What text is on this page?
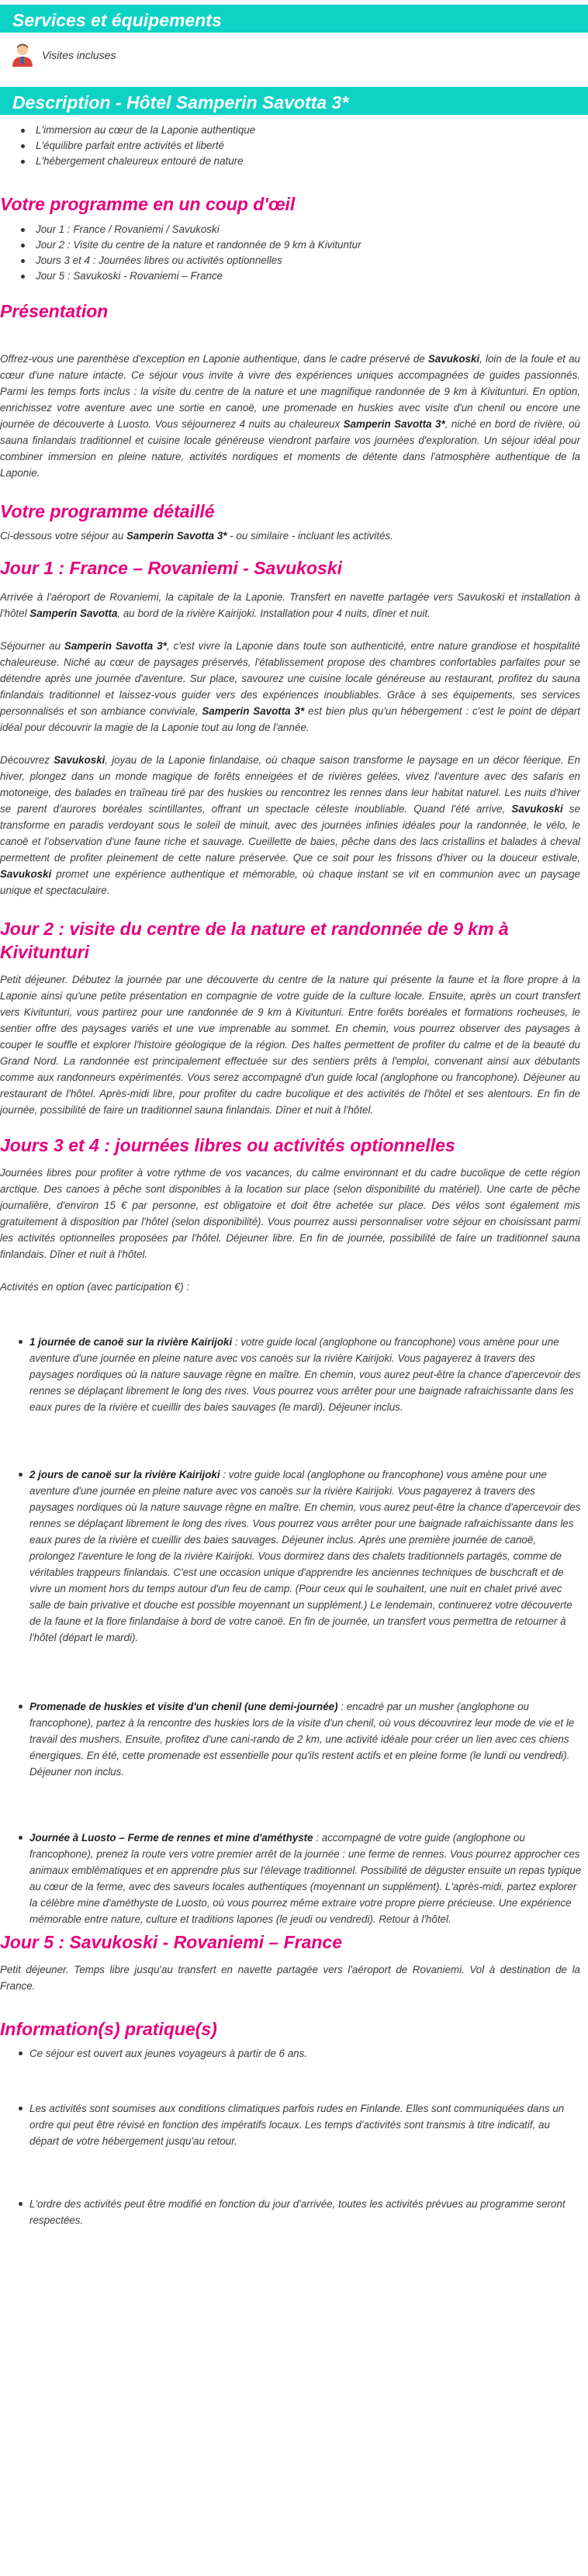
Services et équipements
Visites incluses
Description - Hôtel Samperin Savotta 3*
L'immersion au cœur de la Laponie authentique
L'équilibre parfait entre activités et liberté
L'hébergement chaleureux entouré de nature
Votre programme en un coup d'œil
Jour 1 : France / Rovaniemi / Savukoski
Jour 2 : Visite du centre de la nature et randonnée de 9 km à Kivituntur
Jours 3 et 4 : Journées libres ou activités optionnelles
Jour 5 : Savukoski - Rovaniemi – France
Présentation

Offrez-vous une parenthèse d'exception en Laponie authentique, dans le cadre préservé de Savukoski, loin de la foule et au cœur d'une nature intacte. Ce séjour vous invite à vivre des expériences uniques accompagnées de guides passionnés. Parmi les temps forts inclus : la visite du centre de la nature et une magnifique randonnée de 9 km à Kivitunturi. En option, enrichissez votre aventure avec une sortie en canoë, une promenade en huskies avec visite d'un chenil ou encore une journée de découverte à Luosto. Vous séjournerez 4 nuits au chaleureux Samperin Savotta 3*, niché en bord de rivière, où sauna finlandais traditionnel et cuisine locale généreuse viendront parfaire vos journées d'exploration. Un séjour idéal pour combiner immersion en pleine nature, activités nordiques et moments de détente dans l'atmosphère authentique de la Laponie.

Votre programme détaillé

Ci-dessous votre séjour au Samperin Savotta 3* - ou similaire - incluant les activités.

Jour 1 : France – Rovaniemi - Savukoski

Arrivée à l'aéroport de Rovaniemi, la capitale de la Laponie. Transfert en navette partagée vers Savukoski et installation à l'hôtel Samperin Savotta, au bord de la rivière Kairijoki. Installation pour 4 nuits, dîner et nuit.

Séjourner au Samperin Savotta 3*, c'est vivre la Laponie dans toute son authenticité, entre nature grandiose et hospitalité chaleureuse. Niché au cœur de paysages préservés, l'établissement propose des chambres confortables parfaites pour se détendre après une journée d'aventure. Sur place, savourez une cuisine locale généreuse au restaurant, profitez du sauna finlandais traditionnel et laissez-vous guider vers des expériences inoubliables. Grâce à ses équipements, ses services personnalisés et son ambiance conviviale, Samperin Savotta 3* est bien plus qu'un hébergement : c'est le point de départ idéal pour découvrir la magie de la Laponie tout au long de l'année.

Découvrez Savukoski, joyau de la Laponie finlandaise, où chaque saison transforme le paysage en un décor féerique. En hiver, plongez dans un monde magique de forêts enneigées et de rivières gelées, vivez l'aventure avec des safaris en motoneige, des balades en traîneau tiré par des huskies ou rencontrez les rennes dans leur habitat naturel. Les nuits d'hiver se parent d'aurores boréales scintillantes, offrant un spectacle céleste inoubliable. Quand l'été arrive, Savukoski se transforme en paradis verdoyant sous le soleil de minuit, avec des journées infinies idéales pour la randonnée, le vélo, le canoë et l'observation d'une faune riche et sauvage. Cueillette de baies, pêche dans des lacs cristallins et balades à cheval permettent de profiter pleinement de cette nature préservée. Que ce soit pour les frissons d'hiver ou la douceur estivale, Savukoski promet une expérience authentique et mémorable, où chaque instant se vit en communion avec un paysage unique et spectaculaire.

Jour 2 : visite du centre de la nature et randonnée de 9 km à Kivitunturi

Petit déjeuner. Débutez la journée par une découverte du centre de la nature qui présente la faune et la flore propre à la Laponie ainsi qu'une petite présentation en compagnie de votre guide de la culture locale. Ensuite, après un court transfert vers Kivitunturi, vous partirez pour une randonnée de 9 km à Kivitunturi. Entre forêts boréales et formations rocheuses, le sentier offre des paysages variés et une vue imprenable au sommet. En chemin, vous pourrez observer des paysages à couper le souffle et explorer l'histoire géologique de la région. Des haltes permettent de profiter du calme et de la beauté du Grand Nord. La randonnée est principalement effectuée sur des sentiers prêts à l'emploi, convenant ainsi aux débutants comme aux randonneurs expérimentés. Vous serez accompagné d'un guide local (anglophone ou francophone). Déjeuner au restaurant de l'hôtel. Après-midi libre, pour profiter du cadre bucolique et des activités de l'hôtel et ses alentours. En fin de journée, possibilité de faire un traditionnel sauna finlandais. Dîner et nuit à l'hôtel.

Jours 3 et 4 : journées libres ou activités optionnelles

Journées libres pour profiter à votre rythme de vos vacances, du calme environnant et du cadre bucolique de cette région arctique. Des canoes à pêche sont disponibles à la location sur place (selon disponibilité du matériel). Une carte de pêche journalière, d'environ 15 € par personne, est obligatoire et doit être achetée sur place. Des vélos sont également mis gratuitement à disposition par l'hôtel (selon disponibilité). Vous pourrez aussi personnaliser votre séjour en choisissant parmi les activités optionnelles proposées par l'hôtel. Déjeuner libre. En fin de journée, possibilité de faire un traditionnel sauna finlandais. Dîner et nuit à l'hôtel.

Activités en option (avec participation €) :

1 journée de canoë sur la rivière Kairijoki : votre guide local (anglophone ou francophone) vous amène pour une aventure d'une journée en pleine nature avec vos canoës sur la rivière Kairijoki. Vous pagayerez à travers des paysages nordiques où la nature sauvage règne en maître. En chemin, vous aurez peut-être la chance d'apercevoir des rennes se déplaçant librement le long des rives. Vous pourrez vous arrêter pour une baignade rafraichissante dans les eaux pures de la rivière et cueillir des baies sauvages (le mardi). Déjeuner inclus.
2 jours de canoë sur la rivière Kairijoki : votre guide local (anglophone ou francophone) vous amène pour une aventure d'une journée en pleine nature avec vos canoës sur la rivière Kairijoki. Vous pagayerez à travers des paysages nordiques où la nature sauvage règne en maître. En chemin, vous aurez peut-être la chance d'apercevoir des rennes se déplaçant librement le long des rives. Vous pourrez vous arrêter pour une baignade rafraichissante dans les eaux pures de la rivière et cueillir des baies sauvages. Déjeuner inclus. Après une première journée de canoë, prolongez l'aventure le long de la rivière Kairijoki. Vous dormirez dans des chalets traditionnels partagés, comme de véritables trappeurs finlandais. C'est une occasion unique d'apprendre les anciennes techniques de buschcraft et de vivre un moment hors du temps autour d'un feu de camp. (Pour ceux qui le souhaitent, une nuit en chalet privé avec salle de bain privative et douche est possible moyennant un supplément.) Le lendemain, continuerez votre découverte de la faune et la flore finlandaise à bord de votre canoë. En fin de journée, un transfert vous permettra de retourner à l'hôtel (départ le mardi).
Promenade de huskies et visite d'un chenil (une demi-journée) : encadré par un musher (anglophone ou francophone), partez à la rencontre des huskies lors de la visite d'un chenil, où vous découvrirez leur mode de vie et le travail des mushers. Ensuite, profitez d'une cani-rando de 2 km, une activité idéale pour créer un lien avec ces chiens énergiques. En été, cette promenade est essentielle pour qu'ils restent actifs et en pleine forme (le lundi ou vendredi). Déjeuner non inclus.
Journée à Luosto – Ferme de rennes et mine d'améthyste : accompagné de votre guide (anglophone ou francophone), prenez la route vers votre premier arrêt de la journée : une ferme de rennes. Vous pourrez approcher ces animaux emblématiques et en apprendre plus sur l'élevage traditionnel. Possibilité de déguster ensuite un repas typique au cœur de la ferme, avec des saveurs locales authentiques (moyennant un supplément). L'après-midi, partez explorer la célèbre mine d'améthyste de Luosto, où vous pourrez même extraire votre propre pierre précieuse. Une expérience mémorable entre nature, culture et traditions lapones (le jeudi ou vendredi). Retour à l'hôtel.
Jour 5 : Savukoski - Rovaniemi – France

Petit déjeuner. Temps libre jusqu'au transfert en navette partagée vers l'aéroport de Rovaniemi. Vol à destination de la France.

Information(s) pratique(s)
Ce séjour est ouvert aux jeunes voyageurs à partir de 6 ans.
Les activités sont soumises aux conditions climatiques parfois rudes en Finlande. Elles sont communiquées dans un ordre qui peut être révisé en fonction des impératifs locaux. Les temps d'activités sont transmis à titre indicatif, au départ de votre hébergement jusqu'au retour.
L'ordre des activités peut être modifié en fonction du jour d'arrivée, toutes les activités prévues au programme seront respectées.
